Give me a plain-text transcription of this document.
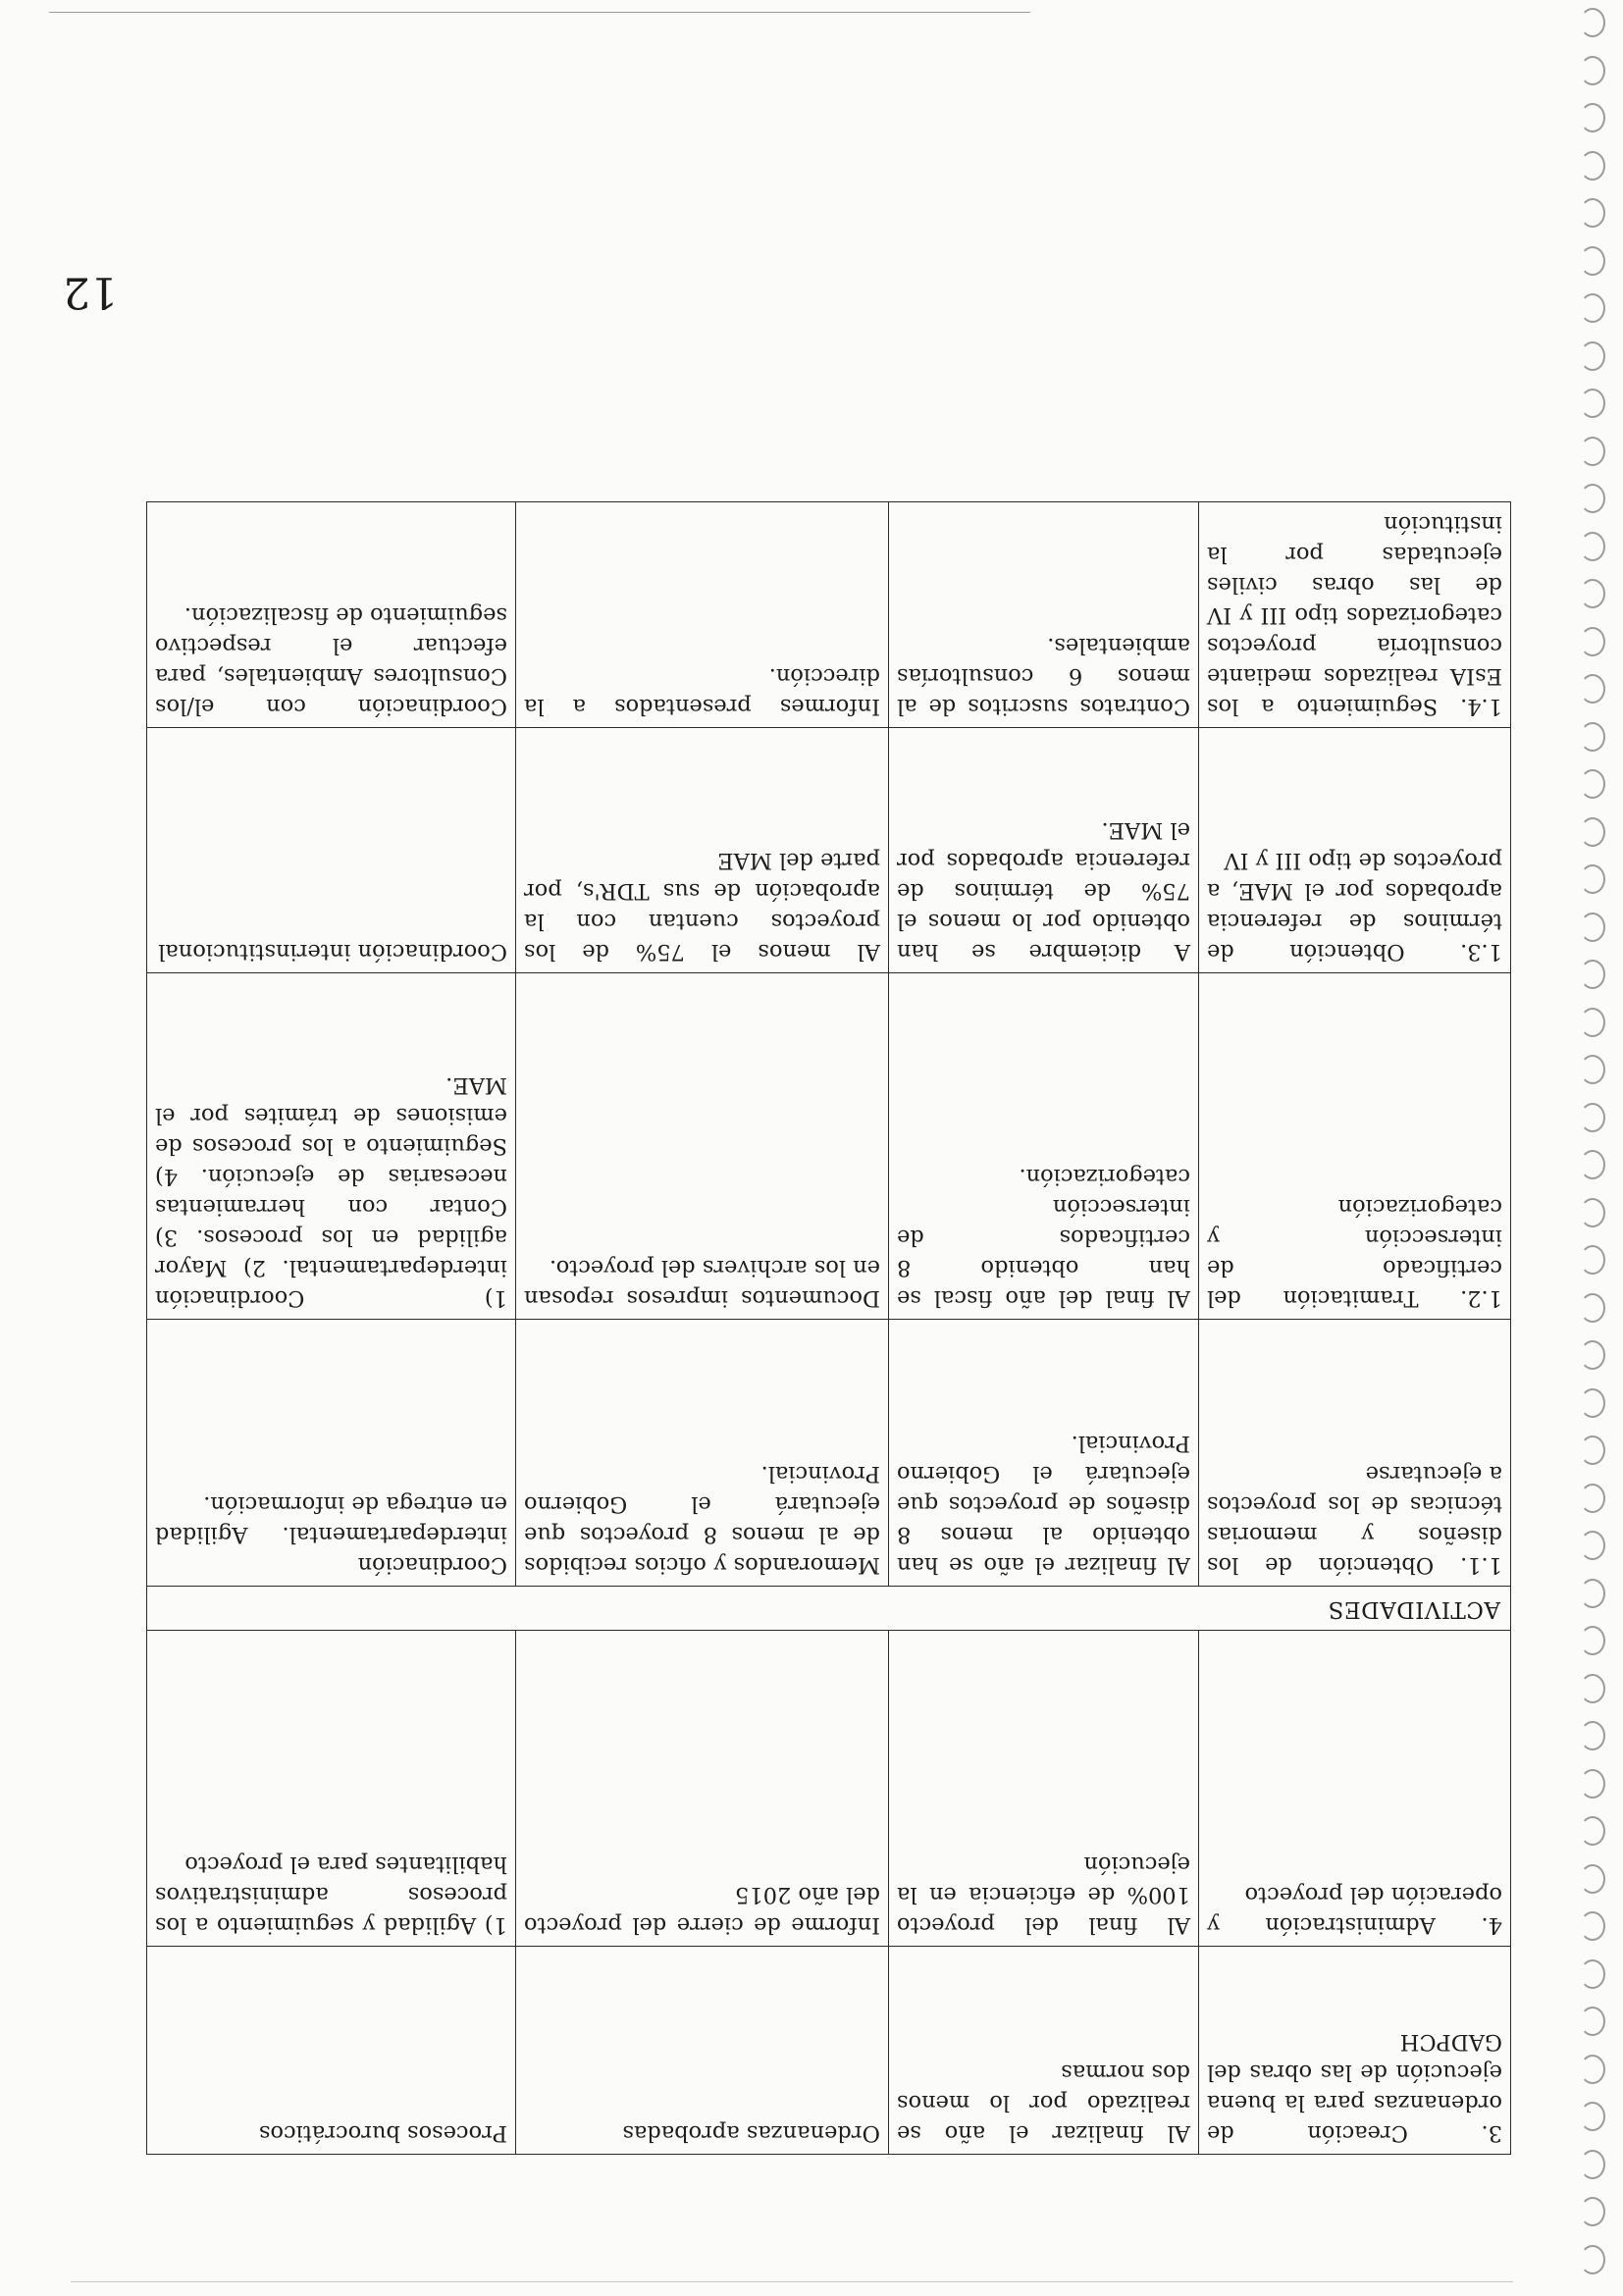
12
3. Creación de ordenanzas para la buena ejecución de las obras del GADPCH	Al finalizar el año se realizado por lo menos dos normas	Ordenanzas aprobadas	Procesos burocráticos
4. Administración y operación del proyecto	Al final del proyecto 100% de eficiencia en la ejecución	Informe de cierre del proyecto del año 2015	1) Agilidad y seguimiento a los procesos administrativos habilitantes para el proyecto
ACTIVIDADES			
1.1. Obtención de los diseños y memorias técnicas de los proyectos a ejecutarse	Al finalizar el año se han obtenido al menos 8 diseños de proyectos que ejecutará el Gobierno Provincial.	Memorandos y oficios recibidos de al menos 8 proyectos que ejecutará el Gobierno Provincial.	Coordinación interdepartamental. Agilidad en entrega de información.
1.2. Tramitación del certificado de intersección y categorización	Al final del año fiscal se han obtenido 8 certificados de intersección categorización.	Documentos impresos reposan en los archivers del proyecto.	1) Coordinación interdepartamental. 2) Mayor agilidad en los procesos. 3) Contar con herramientas necesarias de ejecución. 4) Seguimiento a los procesos de emisiones de trámites por el MAE.
1.3. Obtención de términos de referencia aprobados por el MAE, a proyectos de tipo III y IV	A diciembre se han obtenido por lo menos el 75% de términos de referencia aprobados por el MAE.	Al menos el 75% de los proyectos cuentan con la aprobación de sus TDR's, por parte del MAE	Coordinación interinstitucional
1.4. Seguimiento a los EsIA realizados mediante consultoría proyectos categorizados tipo III y IV de las obras civiles ejecutadas por la institución	Contratos suscritos de al menos 6 consultorías ambientales.	Informes presentados a la dirección.	Coordinación con el/los Consultores Ambientales, para efectuar el respectivo seguimiento de fiscalización.
